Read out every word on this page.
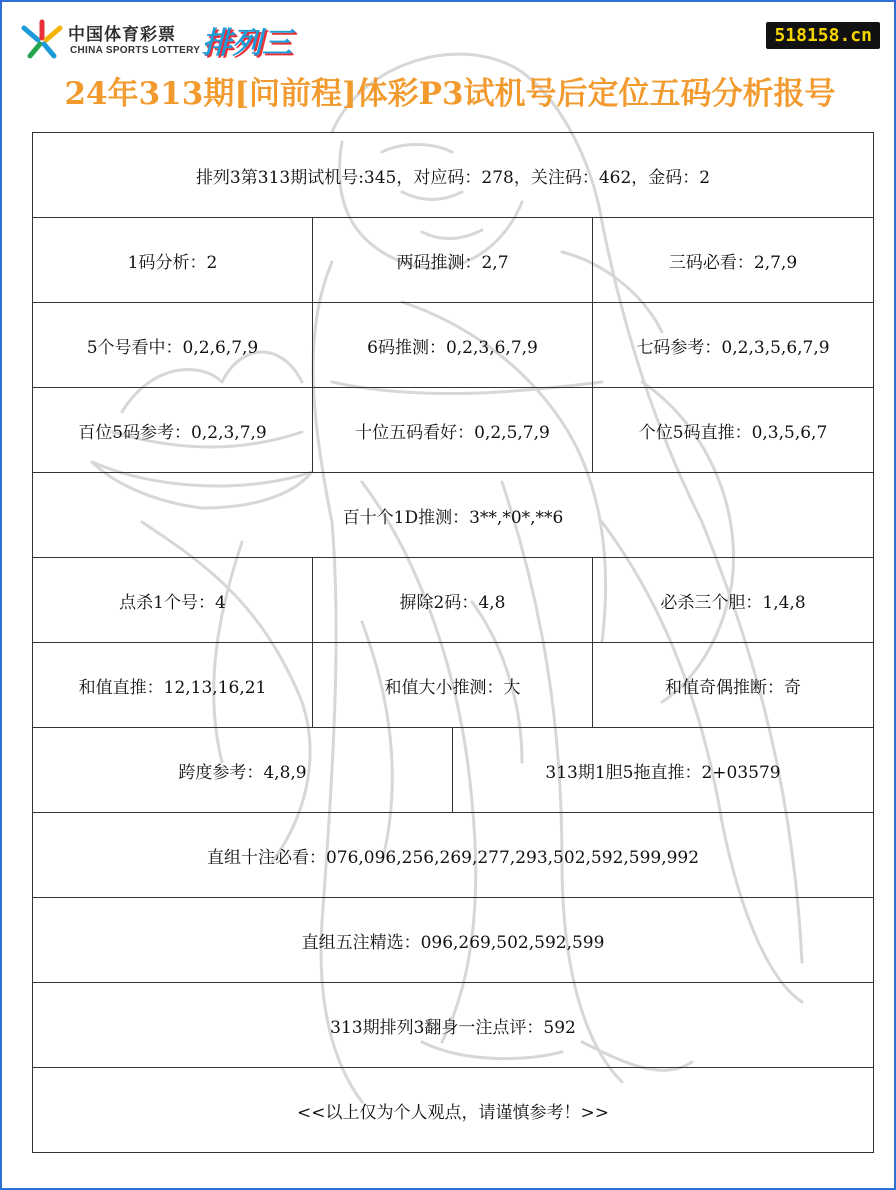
中国体育彩票
CHINA SPORTS LOTTERY 排列三	518158.cn
24年313期[问前程]体彩P3试机号后定位五码分析报号
排列3第313期试机号:345，对应码：278，关注码：462，金码：2			
1码分析：2	两码推测：2,7		三码必看：2,7,9
5个号看中：0,2,6,7,9	6码推测：0,2,3,6,7,9		七码参考：0,2,3,5,6,7,9
百位5码参考：0,2,3,7,9	十位五码看好：0,2,5,7,9		个位5码直推：0,3,5,6,7
百十个1D推测：3**,*0*,**6			
点杀1个号：4	摒除2码：4,8		必杀三个胆：1,4,8
和值直推：12,13,16,21	和值大小推测：大		和值奇偶推断：奇
跨度参考：4,8,9		313期1胆5拖直推：2+03579	
直组十注必看：076,096,256,269,277,293,502,592,599,992			
直组五注精选：096,269,502,592,599			
313期排列3翻身一注点评：592			
<<以上仅为个人观点，请谨慎参考！>>			
